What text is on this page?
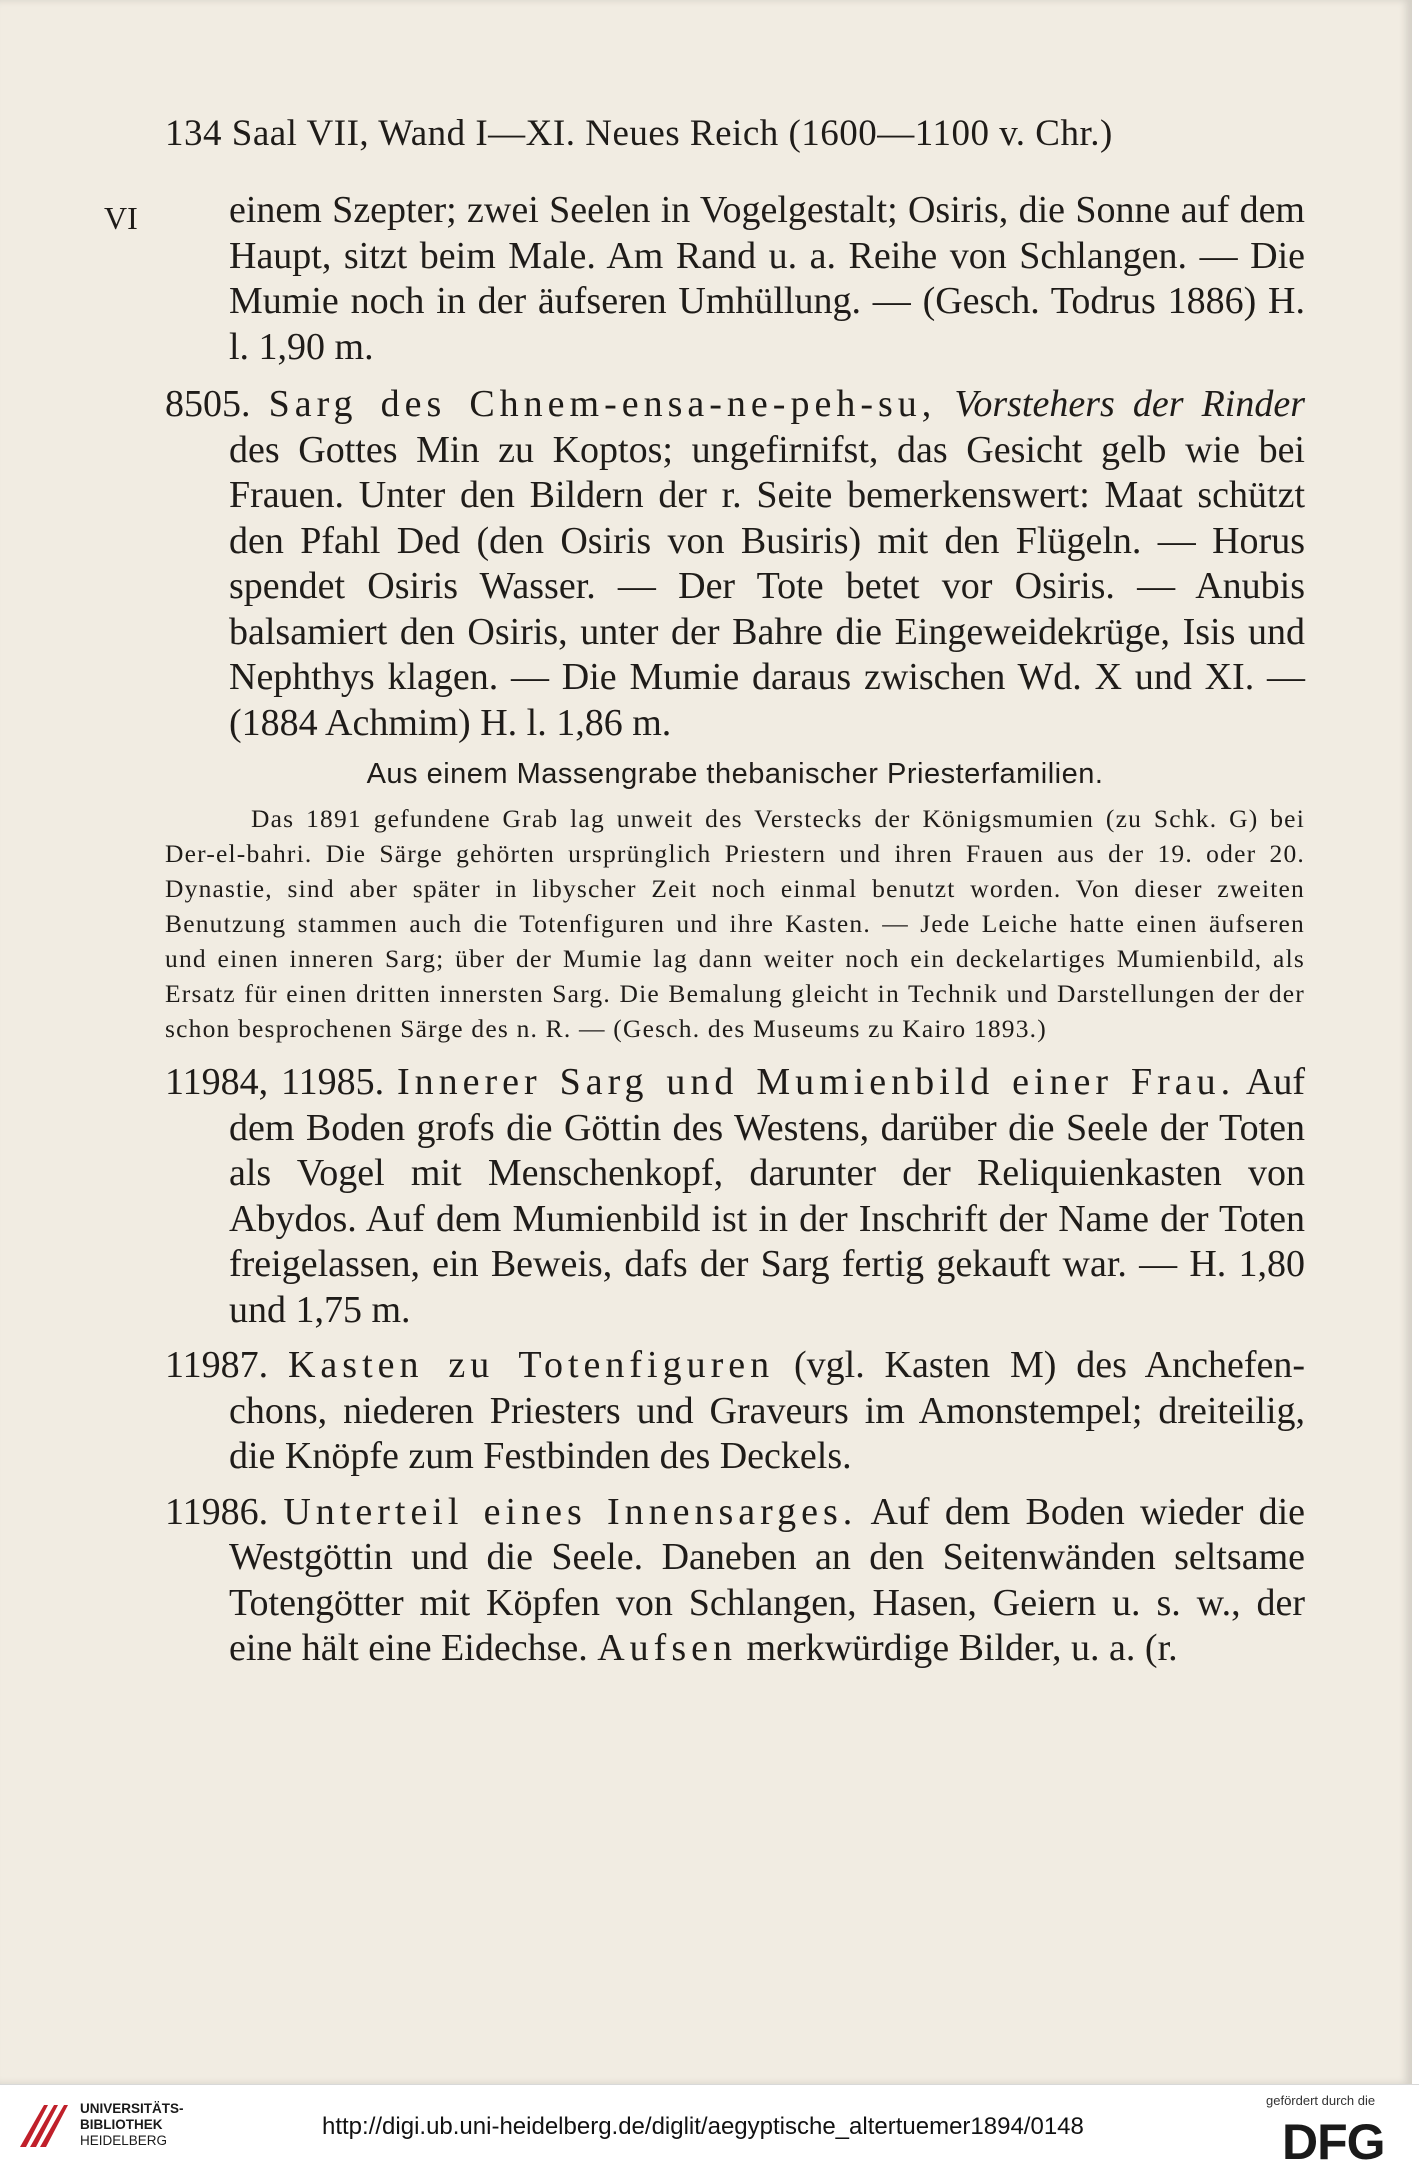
134 Saal VII, Wand I—XI. Neues Reich (1600—1100 v. Chr.)
VI	einem Szepter; zwei Seelen in Vogelgestalt; Osiris, die Sonne auf dem Haupt, sitzt beim Male. Am Rand u. a. Reihe von Schlangen. — Die Mumie noch in der äufseren Umhüllung. — (Gesch. Todrus 1886) H. l. 1,90 m.

8505. Sarg des Chnem-ensa-ne-peh-su, Vorstehers der Rinder des Gottes Min zu Koptos; ungefirnifst, das Gesicht gelb wie bei Frauen. Unter den Bildern der r. Seite bemerkenswert: Maat schützt den Pfahl Ded (den Osiris von Busiris) mit den Flügeln. — Horus spendet Osiris Wasser. — Der Tote betet vor Osiris. — Anubis balsamiert den Osiris, unter der Bahre die Eingeweidekrüge, Isis und Nephthys klagen. — Die Mumie daraus zwischen Wd. X und XI. — (1884 Achmim) H. l. 1,86 m.

Aus einem Massengrabe thebanischer Priesterfamilien.

Das 1891 gefundene Grab lag unweit des Verstecks der Königsmumien (zu Schk. G) bei Der-el-bahri. Die Särge gehörten ursprünglich Priestern und ihren Frauen aus der 19. oder 20. Dynastie, sind aber später in libyscher Zeit noch einmal benutzt worden. Von dieser zweiten Benutzung stammen auch die Totenfiguren und ihre Kasten. — Jede Leiche hatte einen äufseren und einen inneren Sarg; über der Mumie lag dann weiter noch ein deckelartiges Mumienbild, als Ersatz für einen dritten innersten Sarg. Die Bemalung gleicht in Technik und Darstellungen der der schon besprochenen Särge des n. R. — (Gesch. des Museums zu Kairo 1893.)

11984, 11985. Innerer Sarg und Mumienbild einer Frau. Auf dem Boden grofs die Göttin des Westens, darüber die Seele der Toten als Vogel mit Menschenkopf, darunter der Reliquienkasten von Abydos. Auf dem Mumienbild ist in der Inschrift der Name der Toten freigelassen, ein Beweis, dafs der Sarg fertig gekauft war. — H. 1,80 und 1,75 m.

11987. Kasten zu Totenfiguren (vgl. Kasten M) des Anchefen-chons, niederen Priesters und Graveurs im Amonstempel; dreiteilig, die Knöpfe zum Festbinden des Deckels.

11986. Unterteil eines Innensarges. Auf dem Boden wieder die Westgöttin und die Seele. Daneben an den Seitenwänden seltsame Totengötter mit Köpfen von Schlangen, Hasen, Geiern u. s. w., der eine hält eine Eidechse. Aufsen merkwürdige Bilder, u. a. (r.

UNIVERSITÄTS-
BIBLIOTHEK
HEIDELBERG
http://digi.ub.uni-heidelberg.de/diglit/aegyptische_altertuemer1894/0148
gefördert durch die
DFG
